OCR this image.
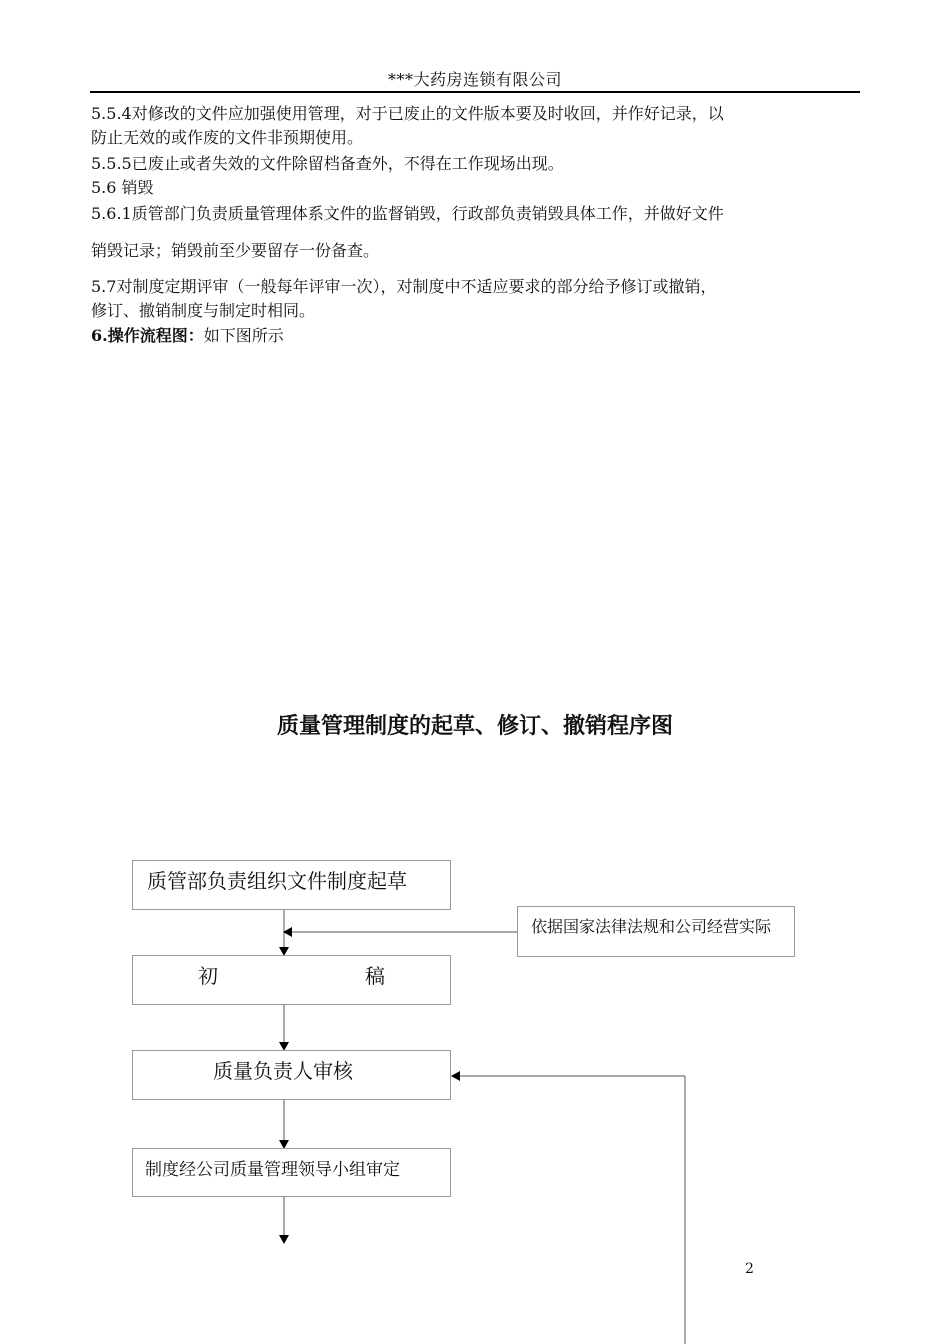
***大药房连锁有限公司

5.5.4对修改的文件应加强使用管理，对于已废止的文件版本要及时收回，并作好记录，以

防止无效的或作废的文件非预期使用。

5.5.5已废止或者失效的文件除留档备查外，不得在工作现场出现。

5.6 销毁

5.6.1质管部门负责质量管理体系文件的监督销毁，行政部负责销毁具体工作，并做好文件

销毁记录；销毁前至少要留存一份备查。

5.7对制度定期评审（一般每年评审一次），对制度中不适应要求的部分给予修订或撤销，

修订、撤销制度与制定时相同。

6.操作流程图：如下图所示

质量管理制度的起草、修订、撤销程序图
质管部负责组织文件制度起草
依据国家法律法规和公司经营实际
初	稿
质量负责人审核
制度经公司质量管理领导小组审定
2
